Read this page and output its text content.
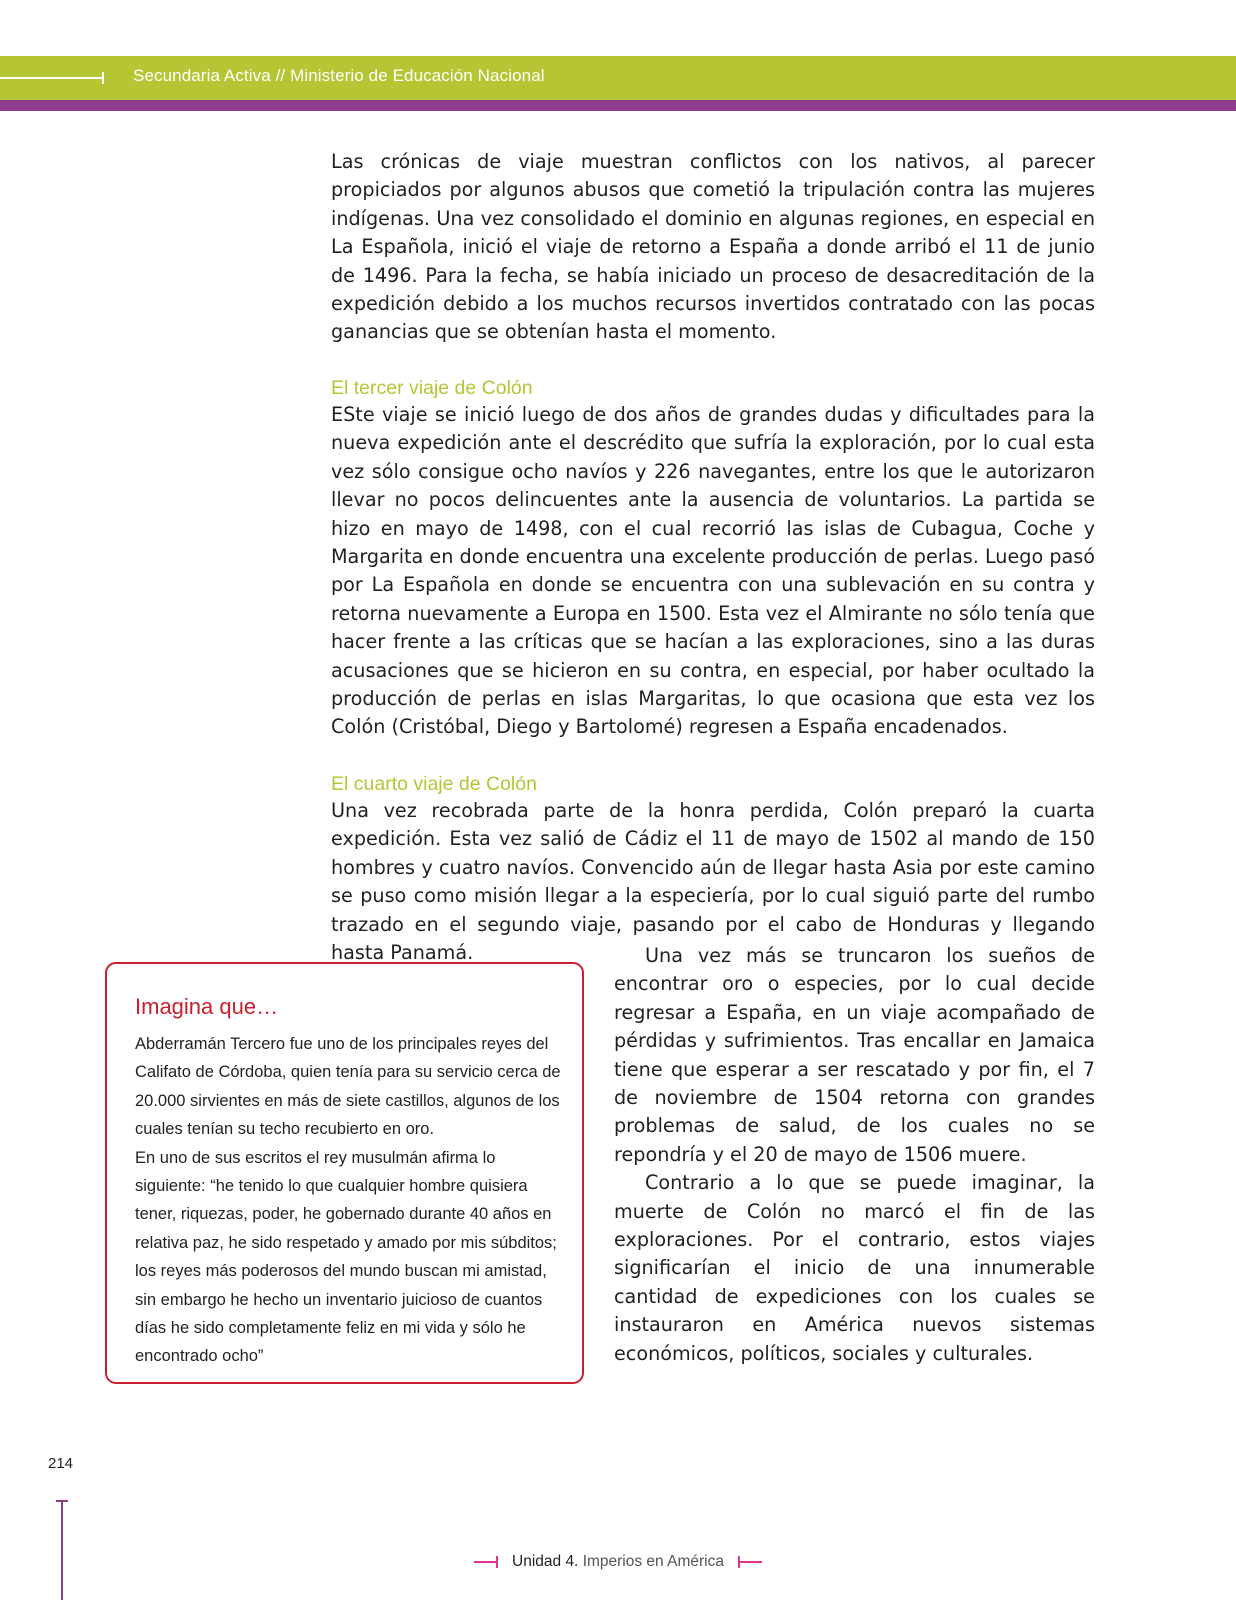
Secundaria Activa // Ministerio de Educación Nacional

Las crónicas de viaje muestran conflictos con los nativos, al parecer propiciados por algunos abusos que cometió la tripulación contra las mujeres indígenas. Una vez consolidado el dominio en algunas regiones, en especial en La Española, inició el viaje de retorno a España a donde arribó el 11 de junio de 1496. Para la fecha, se había iniciado un proceso de desacreditación de la expedición debido a los muchos recursos invertidos contratado con las pocas ganancias que se obtenían hasta el momento.

El tercer viaje de Colón

ESte viaje se inició luego de dos años de grandes dudas y dificultades para la nueva expedición ante el descrédito que sufría la exploración, por lo cual esta vez sólo consigue ocho navíos y 226 navegantes, entre los que le autorizaron llevar no pocos delincuentes ante la ausencia de voluntarios. La partida se hizo en mayo de 1498, con el cual recorrió las islas de Cubagua, Coche y Margarita en donde encuentra una excelente producción de perlas. Luego pasó por La Española en donde se encuentra con una sublevación en su contra y retorna nuevamente a Europa en 1500. Esta vez el Almirante no sólo tenía que hacer frente a las críticas que se hacían a las exploraciones, sino a las duras acusaciones que se hicieron en su contra, en especial, por haber ocultado la producción de perlas en islas Margaritas, lo que ocasiona que esta vez los Colón (Cristóbal, Diego y Bartolomé) regresen a España encadenados.

El cuarto viaje de Colón

Una vez recobrada parte de la honra perdida, Colón preparó la cuarta expedición. Esta vez salió de Cádiz el 11 de mayo de 1502 al mando de 150 hombres y cuatro navíos. Convencido aún de llegar hasta Asia por este camino se puso como misión llegar a la especiería, por lo cual siguió parte del rumbo trazado en el segundo viaje, pasando por el cabo de Honduras y llegando hasta Panamá.	Una vez más se truncaron los sueños de encontrar oro o especies, por lo cual decide regresar a España, en un viaje acompañado de pérdidas y sufrimientos. Tras encallar en Jamaica tiene que esperar a ser rescatado y por fin, el 7 de noviembre de 1504 retorna con grandes problemas de salud, de los cuales no se repondría y el 20 de mayo de 1506 muere.

Contrario a lo que se puede imaginar, la muerte de Colón no marcó el fin de las exploraciones. Por el contrario, estos viajes significarían el inicio de una innumerable cantidad de expediciones con los cuales se instauraron en América nuevos sistemas económicos, políticos, sociales y culturales.

Imagina que…

Abderramán Tercero fue uno de los principales reyes del Califato de Córdoba, quien tenía para su servicio cerca de 20.000 sirvientes en más de siete castillos, algunos de los cuales tenían su techo recubierto en oro.
En uno de sus escritos el rey musulmán afirma lo siguiente: “he tenido lo que cualquier hombre quisiera tener, riquezas, poder, he gobernado durante 40 años en relativa paz, he sido respetado y amado por mis súbditos; los reyes más poderosos del mundo buscan mi amistad, sin embargo he hecho un inventario juicioso de cuantos días he sido completamente feliz en mi vida y sólo he encontrado ocho”
214
Unidad 4. Imperios en América
